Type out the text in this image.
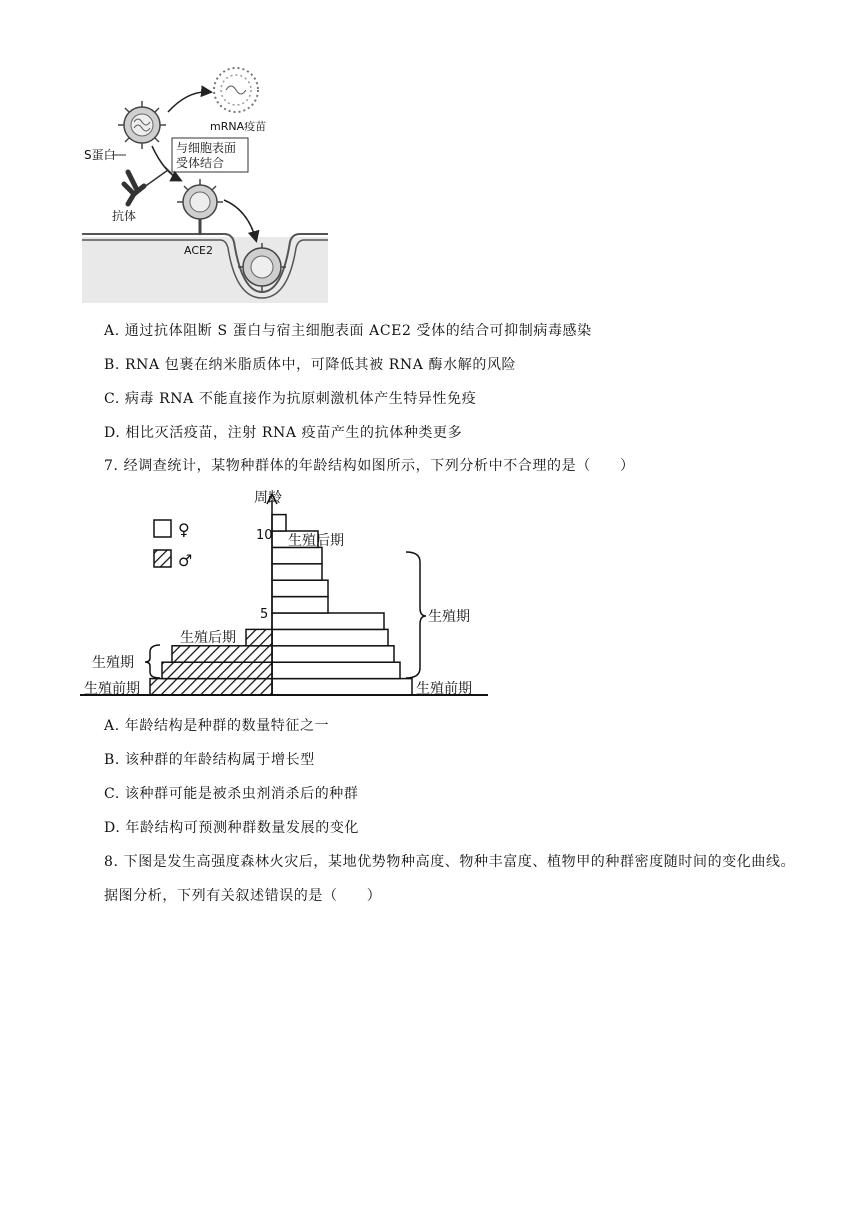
mRNA疫苗
S蛋白	与细胞表面
受体结合
抗体
ACE2
A. 通过抗体阻断 S 蛋白与宿主细胞表面 ACE2 受体的结合可抑制病毒感染
B. RNA 包裹在纳米脂质体中，可降低其被 RNA 酶水解的风险
C. 病毒 RNA 不能直接作为抗原刺激机体产生特异性免疫
D. 相比灭活疫苗，注射 RNA 疫苗产生的抗体种类更多
7. 经调查统计，某物种群体的年龄结构如图所示，下列分析中不合理的是（　　）
周龄
10
5
♀
♂
生殖后期
生殖期
生殖前期
生殖后期
生殖期
生殖前期
A. 年龄结构是种群的数量特征之一
B. 该种群的年龄结构属于增长型
C. 该种群可能是被杀虫剂消杀后的种群
D. 年龄结构可预测种群数量发展的变化
8. 下图是发生高强度森林火灾后，某地优势物种高度、物种丰富度、植物甲的种群密度随时间的变化曲线。
据图分析，下列有关叙述错误的是（　　）
